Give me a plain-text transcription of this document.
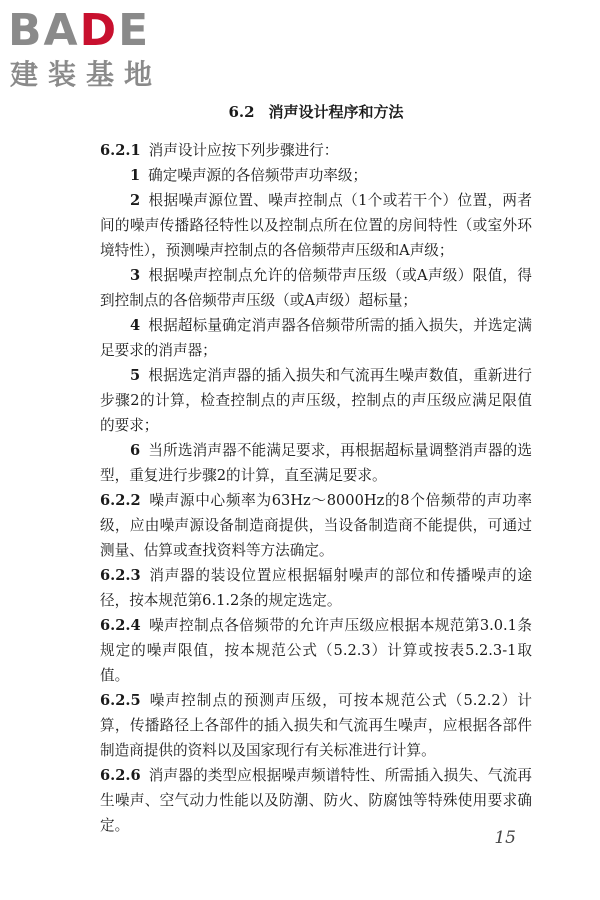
BADE
建装基地
6.2 消声设计程序和方法

6.2.1 消声设计应按下列步骤进行：

1 确定噪声源的各倍频带声功率级；

2 根据噪声源位置、噪声控制点（1个或若干个）位置，两者间的噪声传播路径特性以及控制点所在位置的房间特性（或室外环境特性），预测噪声控制点的各倍频带声压级和A声级；

3 根据噪声控制点允许的倍频带声压级（或A声级）限值，得到控制点的各倍频带声压级（或A声级）超标量；

4 根据超标量确定消声器各倍频带所需的插入损失，并选定满足要求的消声器；

5 根据选定消声器的插入损失和气流再生噪声数值，重新进行步骤2的计算，检查控制点的声压级，控制点的声压级应满足限值的要求；

6 当所选消声器不能满足要求，再根据超标量调整消声器的选型，重复进行步骤2的计算，直至满足要求。

6.2.2 噪声源中心频率为63Hz～8000Hz的8个倍频带的声功率级，应由噪声源设备制造商提供，当设备制造商不能提供，可通过测量、估算或查找资料等方法确定。

6.2.3 消声器的装设位置应根据辐射噪声的部位和传播噪声的途径，按本规范第6.1.2条的规定选定。

6.2.4 噪声控制点各倍频带的允许声压级应根据本规范第3.0.1条规定的噪声限值，按本规范公式（5.2.3）计算或按表5.2.3-1取值。

6.2.5 噪声控制点的预测声压级，可按本规范公式（5.2.2）计算，传播路径上各部件的插入损失和气流再生噪声，应根据各部件制造商提供的资料以及国家现行有关标准进行计算。

6.2.6 消声器的类型应根据噪声频谱特性、所需插入损失、气流再生噪声、空气动力性能以及防潮、防火、防腐蚀等特殊使用要求确定。

15
